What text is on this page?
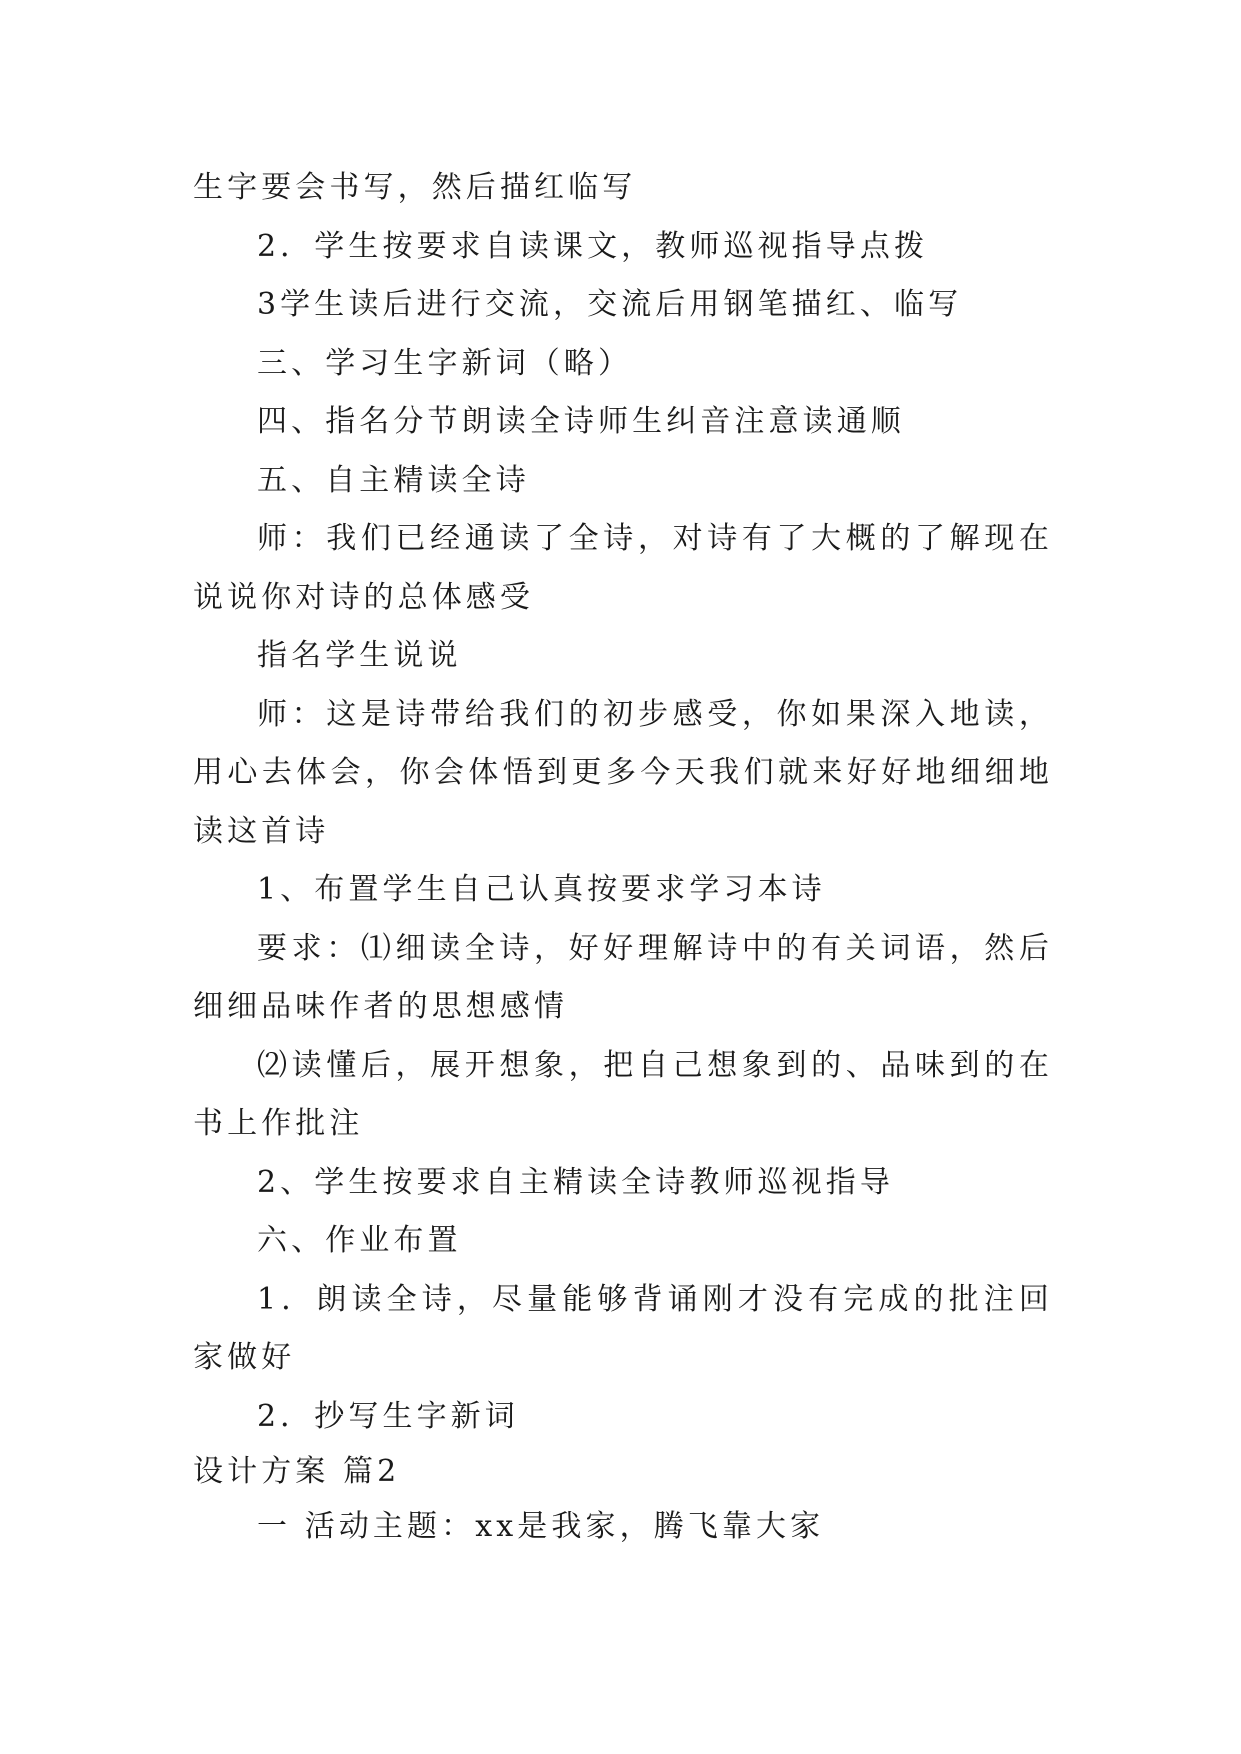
生字要会书写，然后描红临写

2．学生按要求自读课文，教师巡视指导点拨

3学生读后进行交流，交流后用钢笔描红、临写

三、学习生字新词（略）

四、指名分节朗读全诗师生纠音注意读通顺

五、自主精读全诗

师：我们已经通读了全诗，对诗有了大概的了解现在说说你对诗的总体感受

指名学生说说

师：这是诗带给我们的初步感受，你如果深入地读，用心去体会，你会体悟到更多今天我们就来好好地细细地读这首诗

1、布置学生自己认真按要求学习本诗

要求：⑴细读全诗，好好理解诗中的有关词语，然后细细品味作者的思想感情

⑵读懂后，展开想象，把自己想象到的、品味到的在书上作批注

2、学生按要求自主精读全诗教师巡视指导

六、作业布置

1．朗读全诗，尽量能够背诵刚才没有完成的批注回家做好

2．抄写生字新词

设计方案 篇2

一 活动主题：xx是我家，腾飞靠大家
